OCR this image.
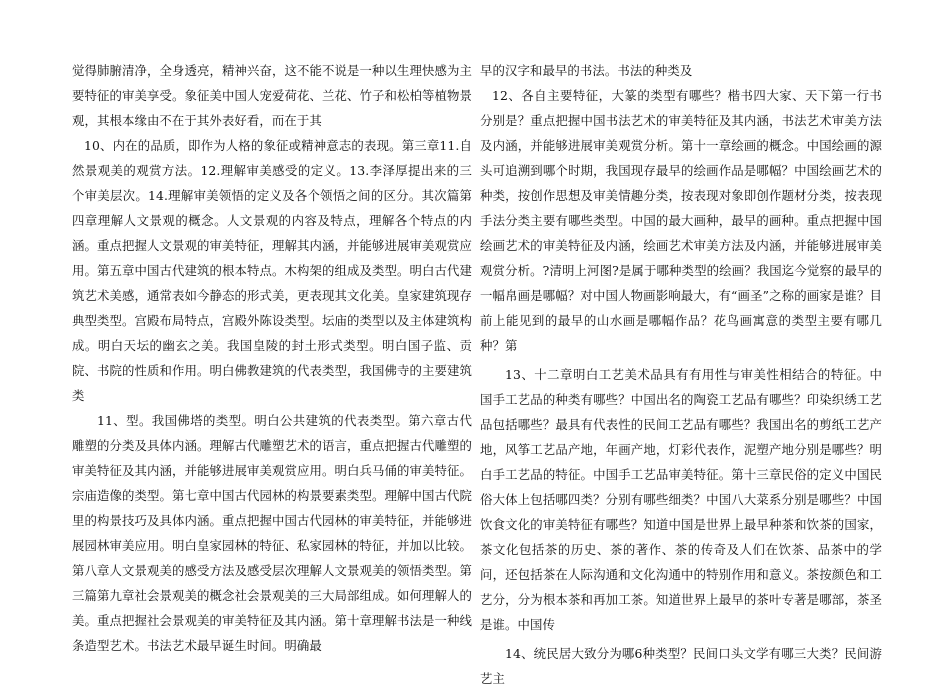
觉得肺腑清净，全身透亮，精神兴奋，这不能不说是一种以生理快感为主要特征的审美享受。象征美中国人宠爱荷花、兰花、竹子和松柏等植物景观，其根本缘由不在于其外表好看，而在于其

10、内在的品质，即作为人格的象征或精神意志的表现。第三章11.自然景观美的观赏方法。12.理解审美感受的定义。13.李泽厚提出来的三个审美层次。14.理解审美领悟的定义及各个领悟之间的区分。其次篇第四章理解人文景观的概念。人文景观的内容及特点，理解各个特点的内涵。重点把握人文景观的审美特征，理解其内涵，并能够进展审美观赏应用。第五章中国古代建筑的根本特点。木构架的组成及类型。明白古代建筑艺术美感，通常表如今静态的形式美，更表现其文化美。皇家建筑现存典型类型。宫殿布局特点，宫殿外陈设类型。坛庙的类型以及主体建筑构成。明白天坛的幽玄之美。我国皇陵的封土形式类型。明白国子监、贡院、书院的性质和作用。明白佛教建筑的代表类型，我国佛寺的主要建筑类

11、型。我国佛塔的类型。明白公共建筑的代表类型。第六章古代雕塑的分类及具体内涵。理解古代雕塑艺术的语言，重点把握古代雕塑的审美特征及其内涵，并能够进展审美观赏应用。明白兵马俑的审美特征。宗庙造像的类型。第七章中国古代园林的构景要素类型。理解中国古代院里的构景技巧及具体内涵。重点把握中国古代园林的审美特征，并能够进展园林审美应用。明白皇家园林的特征、私家园林的特征，并加以比较。第八章人文景观美的感受方法及感受层次理解人文景观美的领悟类型。第三篇第九章社会景观美的概念社会景观美的三大局部组成。如何理解人的美。重点把握社会景观美的审美特征及其内涵。第十章理解书法是一种线条造型艺术。书法艺术最早诞生时间。明确最

早的汉字和最早的书法。书法的种类及

12、各自主要特征，大篆的类型有哪些？楷书四大家、天下第一行书分别是？重点把握中国书法艺术的审美特征及其内涵，书法艺术审美方法及内涵，并能够进展审美观赏分析。第十一章绘画的概念。中国绘画的源头可追溯到哪个时期，我国现存最早的绘画作品是哪幅？中国绘画艺术的种类，按创作思想及审美情趣分类，按表现对象即创作题材分类，按表现手法分类主要有哪些类型。中国的最大画种，最早的画种。重点把握中国绘画艺术的审美特征及内涵，绘画艺术审美方法及内涵，并能够进展审美观赏分析。?清明上河图?是属于哪种类型的绘画？我国迄今觉察的最早的一幅帛画是哪幅？对中国人物画影响最大，有“画圣”之称的画家是谁？目前上能见到的最早的山水画是哪幅作品？花鸟画寓意的类型主要有哪几种？第

13、十二章明白工艺美术品具有有用性与审美性相结合的特征。中国手工艺品的种类有哪些？中国出名的陶瓷工艺品有哪些？印染织绣工艺品包括哪些？最具有代表性的民间工艺品有哪些？我国出名的剪纸工艺产地，风筝工艺品产地，年画产地，灯彩代表作，泥塑产地分别是哪些？明白手工艺品的特征。中国手工艺品审美特征。第十三章民俗的定义中国民俗大体上包括哪四类？分别有哪些细类？中国八大菜系分别是哪些？中国饮食文化的审美特征有哪些？知道中国是世界上最早种茶和饮茶的国家，茶文化包括茶的历史、茶的著作、茶的传奇及人们在饮茶、品茶中的学问，还包括茶在人际沟通和文化沟通中的特别作用和意义。茶按颜色和工艺分，分为根本茶和再加工茶。知道世界上最早的茶叶专著是哪部，茶圣是谁。中国传

14、统民居大致分为哪6种类型？民间口头文学有哪三大类？民间游艺主
